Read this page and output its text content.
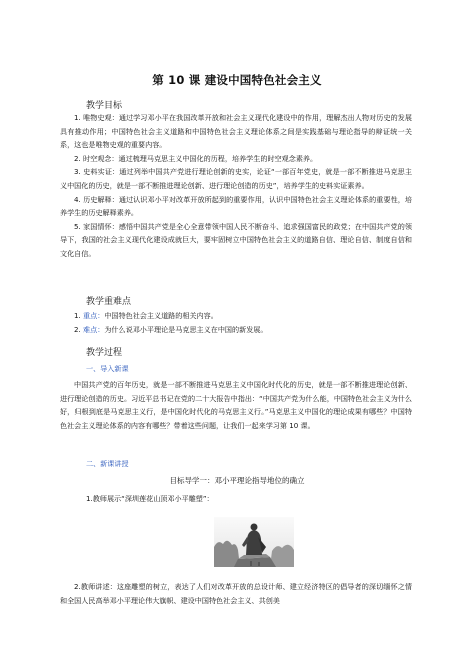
第 10 课 建设中国特色社会主义
教学目标

1. 唯物史观：通过学习邓小平在我国改革开放和社会主义现代化建设中的作用，理解杰出人物对历史的发展具有推动作用；中国特色社会主义道路和中国特色社会主义理论体系之间是实践基础与理论指导的辩证统一关系，这也是唯物史观的重要内容。

2. 时空观念：通过梳理马克思主义中国化的历程，培养学生的时空观念素养。

3. 史料实证：通过列举中国共产党进行理论创新的史实，论证“一部百年党史，就是一部不断推进马克思主义中国化的历史，就是一部不断推进理论创新、进行理论创造的历史”，培养学生的史料实证素养。

4. 历史解释：通过认识邓小平对改革开放所起到的重要作用，认识中国特色社会主义理论体系的重要性，培养学生的历史解释素养。

5. 家国情怀：感悟中国共产党是全心全意带领中国人民不断奋斗、追求强国富民的政党；在中国共产党的领导下，我国的社会主义现代化建设成就巨大，要牢固树立中国特色社会主义的道路自信、理论自信、制度自信和文化自信。

教学重难点
1. 重点：中国特色社会主义道路的相关内容。
2. 难点：为什么说邓小平理论是马克思主义在中国的新发展。
教学过程
一、导入新课

中国共产党的百年历史，就是一部不断推进马克思主义中国化时代化的历史，就是一部不断推进理论创新、进行理论创造的历史。习近平总书记在党的二十大报告中指出：“中国共产党为什么能，中国特色社会主义为什么好，归根到底是马克思主义行，是中国化时代化的马克思主义行。”马克思主义中国化的理论成果有哪些？中国特色社会主义理论体系的内容有哪些？带着这些问题，让我们一起来学习第 10 课。

二、新课讲授
目标导学一：邓小平理论指导地位的确立
1.教师展示“深圳莲花山顶邓小平雕塑”：

2.教师讲述：这座雕塑的树立，表达了人们对改革开放的总设计师、建立经济特区的倡导者的深切缅怀之情和全国人民高举邓小平理论伟大旗帜、建设中国特色社会主义、共创美
